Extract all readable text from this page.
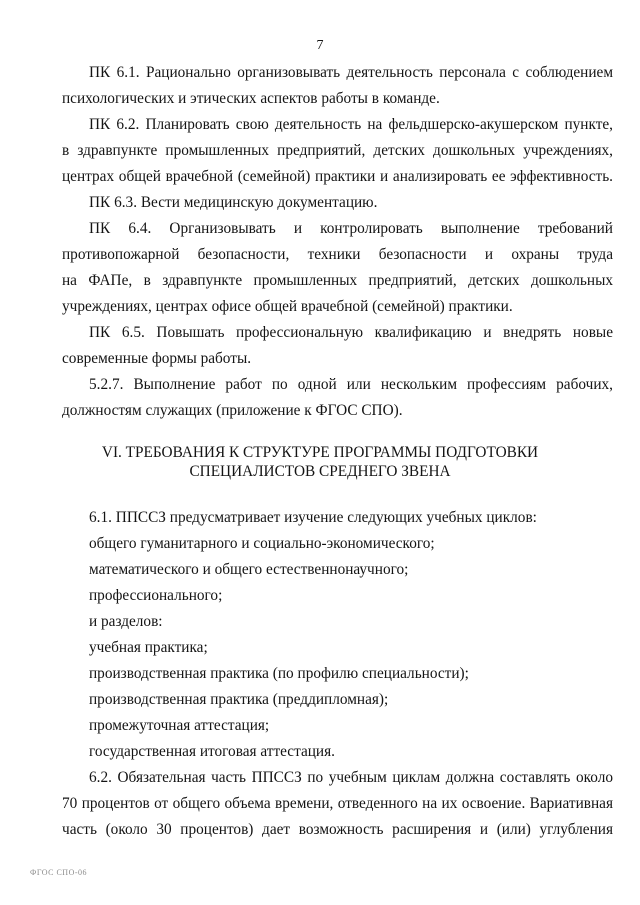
7
ПК 6.1. Рационально организовывать деятельность персонала с соблюдением
психологических и этических аспектов работы в команде.
ПК 6.2. Планировать свою деятельность на фельдшерско-акушерском пункте,
в здравпункте промышленных предприятий, детских дошкольных учреждениях,
центрах общей врачебной (семейной) практики и анализировать ее эффективность.
ПК 6.3. Вести медицинскую документацию.
ПК 6.4. Организовывать и контролировать выполнение требований
противопожарной безопасности, техники безопасности и охраны труда
на ФАПе, в здравпункте промышленных предприятий, детских дошкольных
учреждениях, центрах офисе общей врачебной (семейной) практики.
ПК 6.5. Повышать профессиональную квалификацию и внедрять новые
современные формы работы.
5.2.7. Выполнение работ по одной или нескольким профессиям рабочих,
должностям служащих (приложение к ФГОС СПО).
VI. ТРЕБОВАНИЯ К СТРУКТУРЕ ПРОГРАММЫ ПОДГОТОВКИ
СПЕЦИАЛИСТОВ СРЕДНЕГО ЗВЕНА
6.1. ППССЗ предусматривает изучение следующих учебных циклов:
общего гуманитарного и социально-экономического;
математического и общего естественнонаучного;
профессионального;
и разделов:
учебная практика;
производственная практика (по профилю специальности);
производственная практика (преддипломная);
промежуточная аттестация;
государственная итоговая аттестация.
6.2. Обязательная часть ППССЗ по учебным циклам должна составлять около
70 процентов от общего объема времени, отведенного на их освоение. Вариативная
часть (около 30 процентов) дает возможность расширения и (или) углубления
ФГОС СПО-06
